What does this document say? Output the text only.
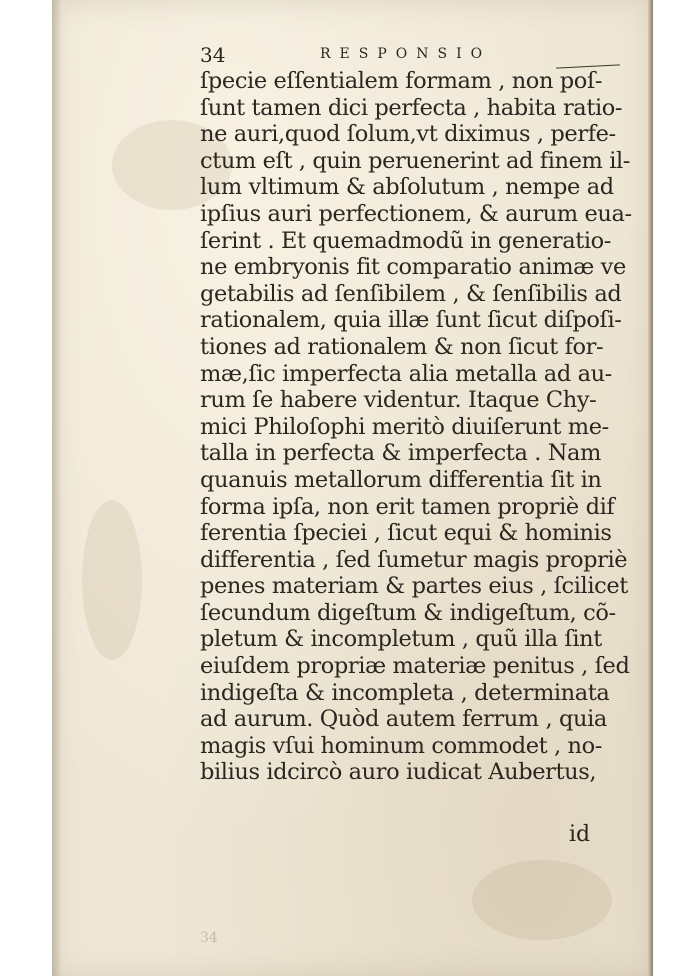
34	RESPONSIO
ſpecie eſſentialem formam , non poſ-
ſunt tamen dici perfecta , habita ratio-
ne auri,quod ſolum,vt diximus , perfe-
ctum eſt , quin peruenerint ad finem il-
lum vltimum & abſolutum , nempe ad
ipſius auri perfectionem, & aurum eua-
ſerint . Et quemadmodũ in generatio-
ne embryonis fit comparatio animæ ve
getabilis ad ſenſibilem , & ſenſibilis ad
rationalem, quia illæ ſunt ſicut diſpoſi-
tiones ad rationalem & non ſicut for-
mæ,ſic imperfecta alia metalla ad au-
rum ſe habere videntur. Itaque Chy-
mici Philoſophi meritò diuiſerunt me-
talla in perfecta & imperfecta . Nam
quanuis metallorum differentia ſit in
forma ipſa, non erit tamen propriè dif
ferentia ſpeciei , ſicut equi & hominis
differentia , ſed ſumetur magis propriè
penes materiam & partes eius , ſcilicet
ſecundum digeſtum & indigeſtum, cõ-
pletum & incompletum , quũ illa ſint
eiuſdem propriæ materiæ penitus , ſed
indigeſta & incompleta , determinata
ad aurum. Quòd autem ferrum , quia
magis vſui hominum commodet , no-
bilius idcircò auro iudicat Aubertus,
id
34
